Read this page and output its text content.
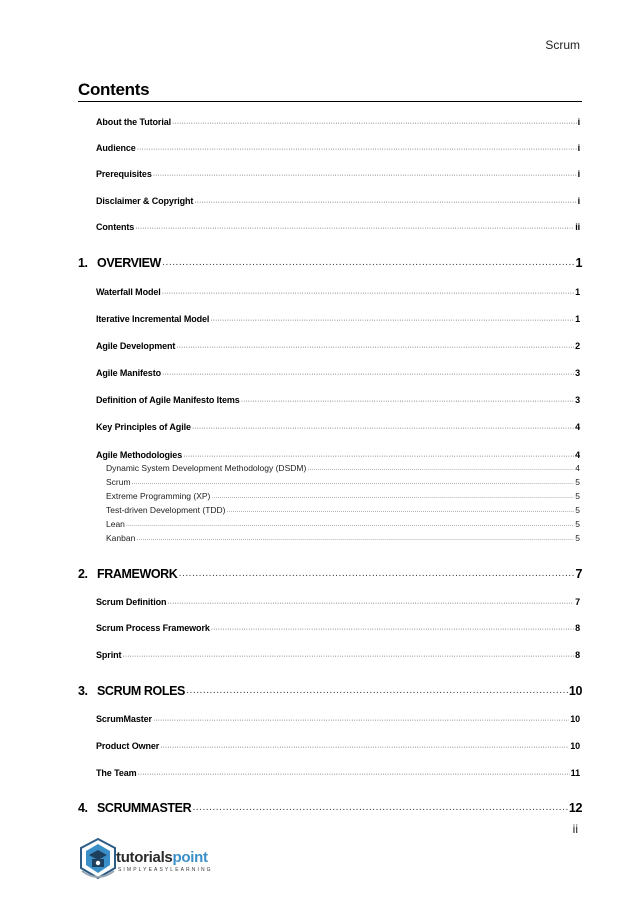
Scrum
Contents
About the Tutorial ·····	i
Audience ·····	i
Prerequisites ·····	i
Disclaimer & Copyright ·····	i
Contents ·····	ii
1. OVERVIEW ·····	1
Waterfall Model ·····	1
Iterative Incremental Model ·····	1
Agile Development ·····	2
Agile Manifesto ·····	3
Definition of Agile Manifesto Items ·····	3
Key Principles of Agile ·····	4
Agile Methodologies ·····	4
Dynamic System Development Methodology (DSDM) ·····	4
Scrum ·····	5
Extreme Programming (XP) ·····	5
Test-driven Development (TDD) ·····	5
Lean ·····	5
Kanban ·····	5
2. FRAMEWORK ·····	7
Scrum Definition ·····	7
Scrum Process Framework ·····	8
Sprint ·····	8
3. SCRUM ROLES ·····	10
ScrumMaster ·····	10
Product Owner ·····	10
The Team ·····	11
4. SCRUMMASTER ·····	12
ii
tutorialspoint
SIMPLYEASYLEARNING
